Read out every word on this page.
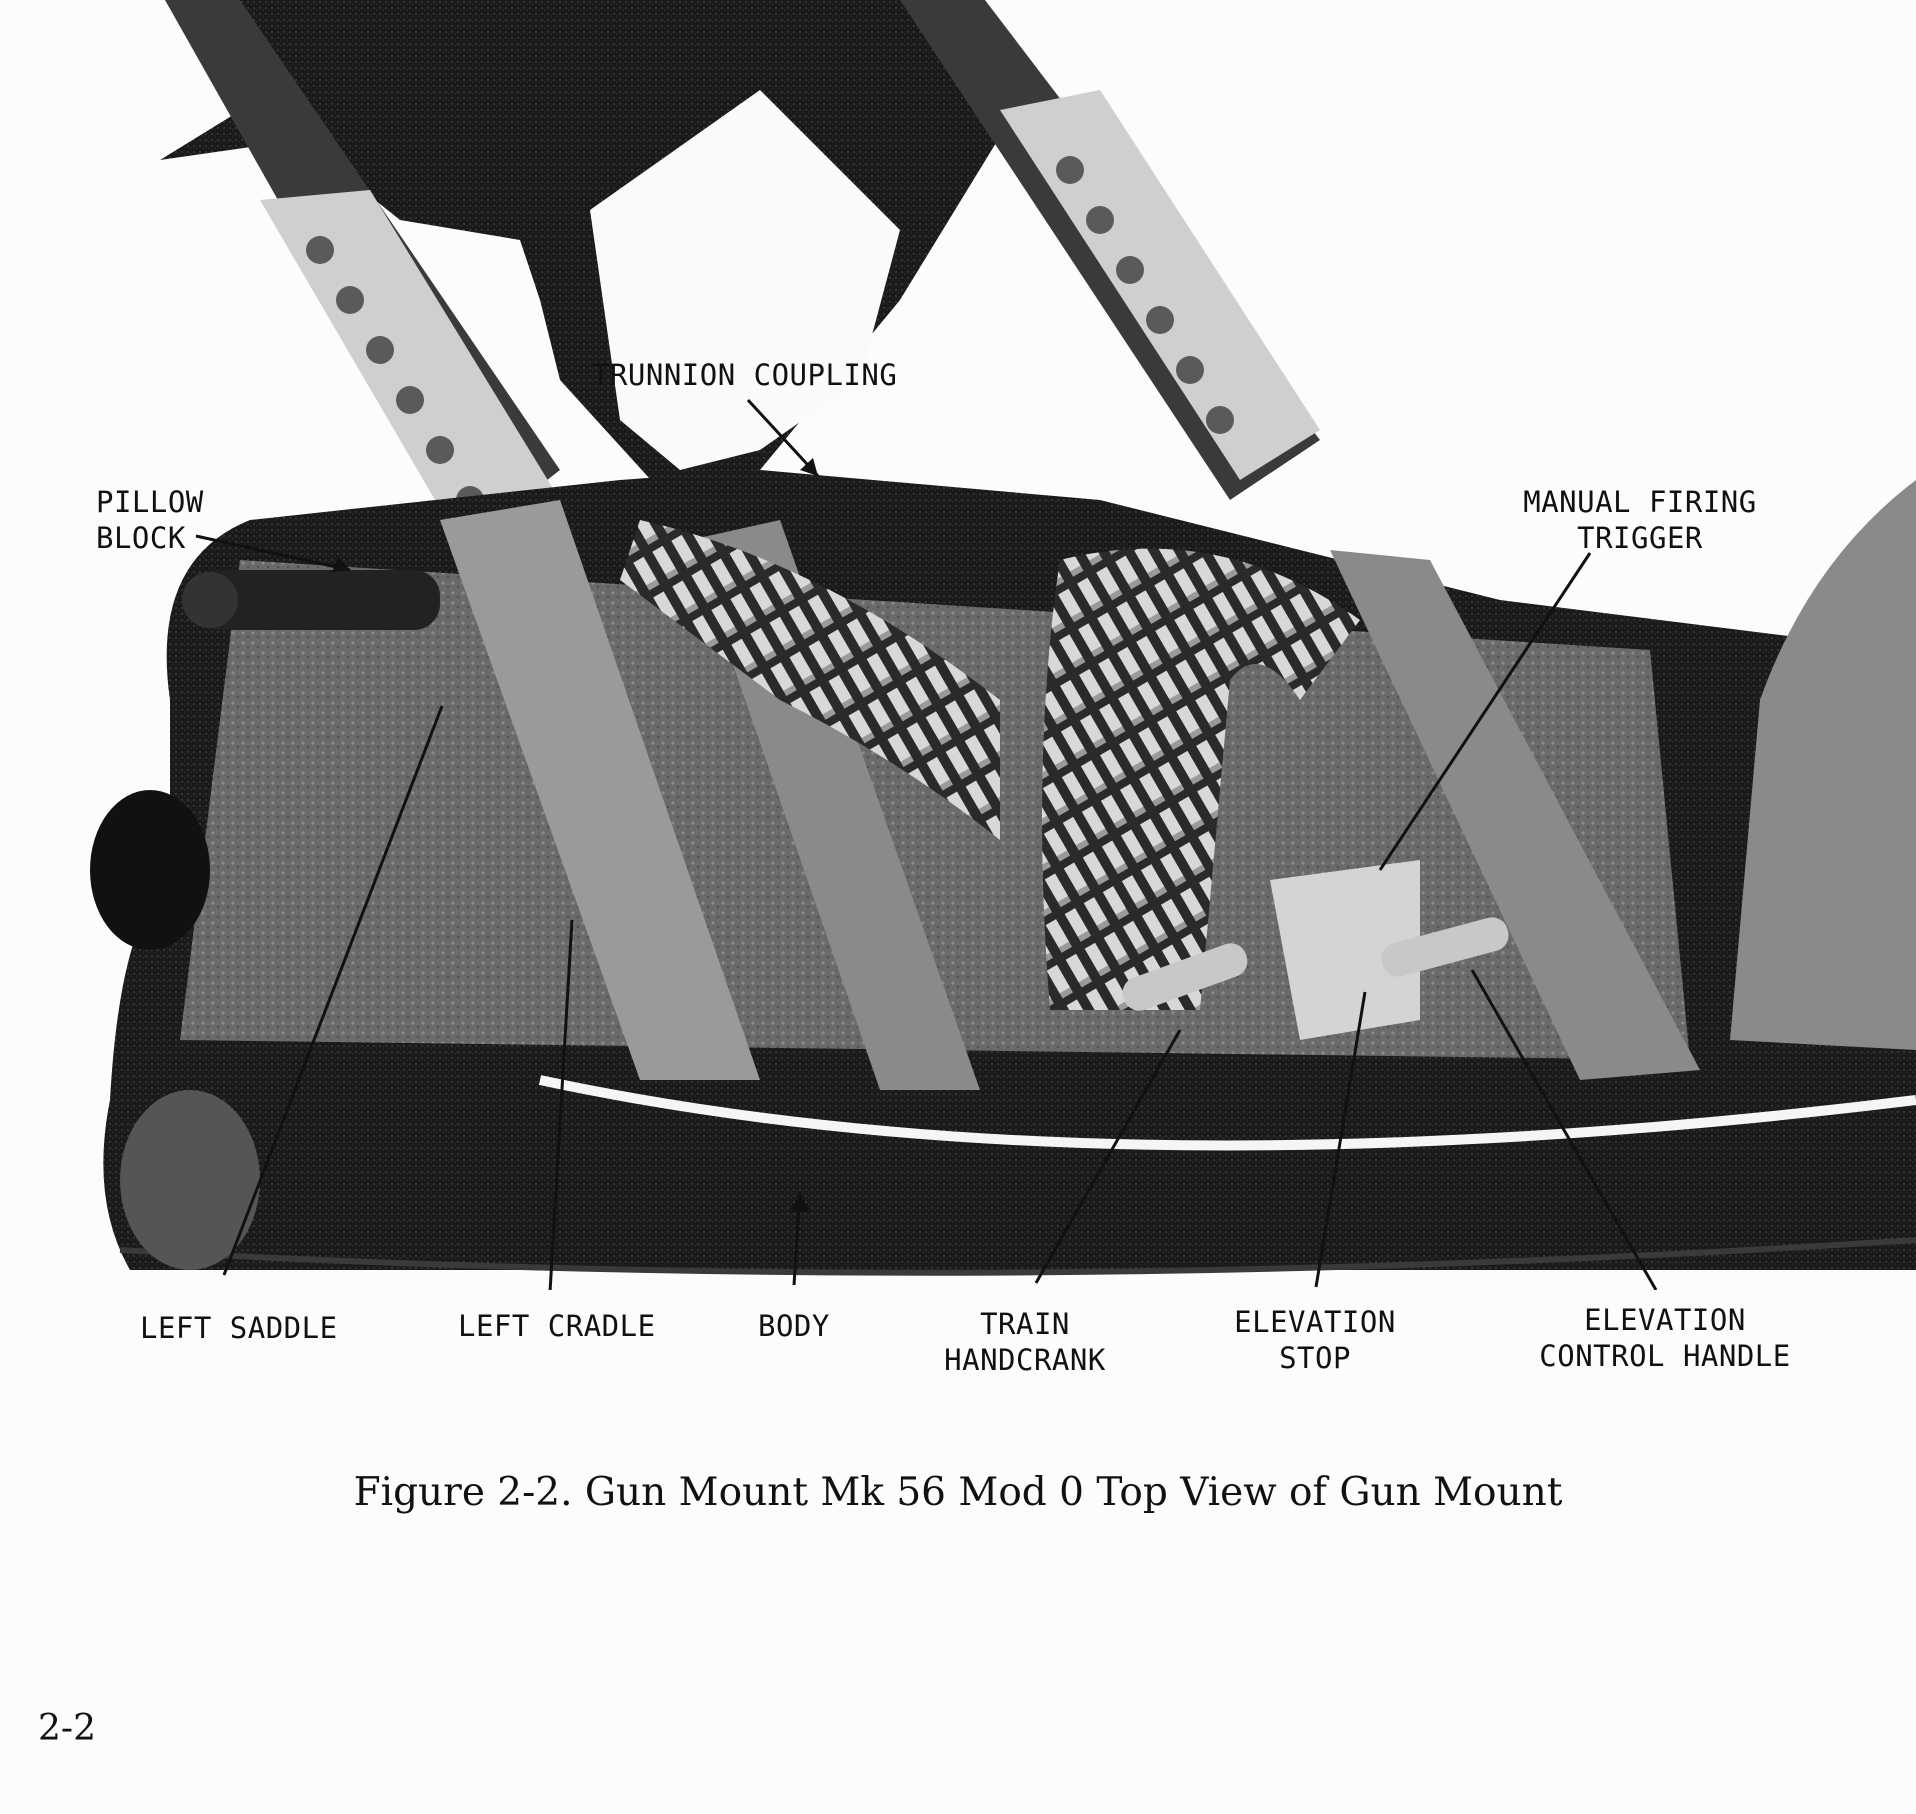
TRUNNION COUPLING
PILLOW
BLOCK
MANUAL FIRING
TRIGGER
LEFT SADDLE	LEFT CRADLE	BODY	TRAIN
HANDCRANK
ELEVATION
STOP
ELEVATION
CONTROL HANDLE
Figure 2-2. Gun Mount Mk 56 Mod 0 Top View of Gun Mount
2-2
